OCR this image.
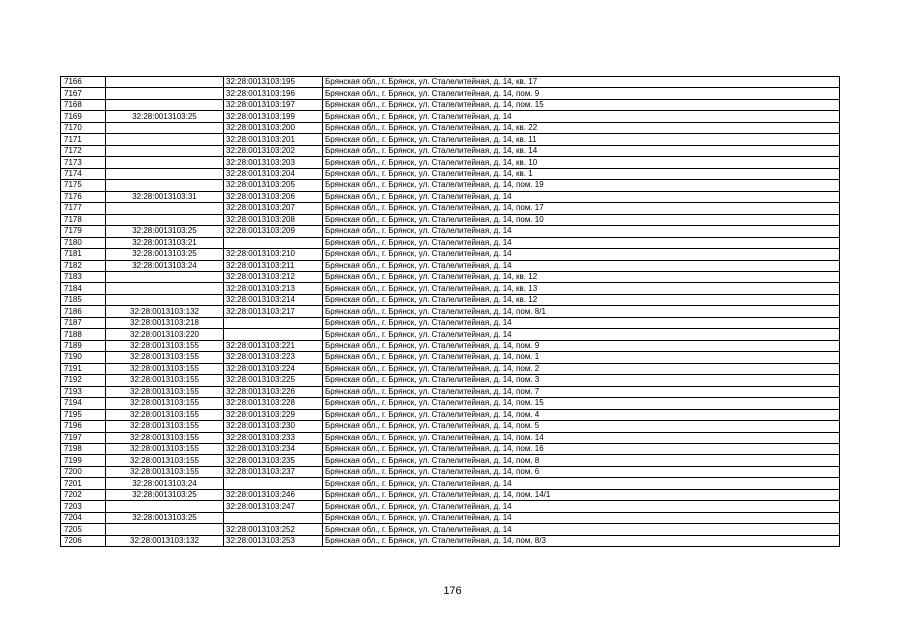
7166		32:28:0013103:195	Брянская обл., г. Брянск, ул. Сталелитейная, д. 14, кв. 17
7167		32:28:0013103:196	Брянская обл., г. Брянск, ул. Сталелитейная, д. 14, пом. 9
7168		32:28:0013103:197	Брянская обл., г. Брянск, ул. Сталелитейная, д. 14, пом. 15
7169	32:28:0013103:25	32:28:0013103:199	Брянская обл., г. Брянск, ул. Сталелитейная, д. 14
7170		32:28:0013103:200	Брянская обл., г. Брянск, ул. Сталелитейная, д. 14, кв. 22
7171		32:28:0013103:201	Брянская обл., г. Брянск, ул. Сталелитейная, д. 14, кв. 11
7172		32:28:0013103:202	Брянская обл., г. Брянск, ул. Сталелитейная, д. 14, кв. 14
7173		32:28:0013103:203	Брянская обл., г. Брянск, ул. Сталелитейная, д. 14, кв. 10
7174		32:28:0013103:204	Брянская обл., г. Брянск, ул. Сталелитейная, д. 14, кв. 1
7175		32:28:0013103:205	Брянская обл., г. Брянск, ул. Сталелитейная, д. 14, пом. 19
7176	32:28:0013103:31	32:28:0013103:206	Брянская обл., г. Брянск, ул. Сталелитейная, д. 14
7177		32:28:0013103:207	Брянская обл., г. Брянск, ул. Сталелитейная, д. 14, пом. 17
7178		32:28:0013103:208	Брянская обл., г. Брянск, ул. Сталелитейная, д. 14, пом. 10
7179	32:28:0013103:25	32:28:0013103:209	Брянская обл., г. Брянск, ул. Сталелитейная, д. 14
7180	32:28:0013103:21		Брянская обл., г. Брянск, ул. Сталелитейная, д. 14
7181	32:28:0013103:25	32:28:0013103:210	Брянская обл., г. Брянск, ул. Сталелитейная, д. 14
7182	32:28:0013103:24	32:28:0013103:211	Брянская обл., г. Брянск, ул. Сталелитейная, д. 14
7183		32:28:0013103:212	Брянская обл., г. Брянск, ул. Сталелитейная, д. 14, кв. 12
7184		32:28:0013103:213	Брянская обл., г. Брянск, ул. Сталелитейная, д. 14, кв. 13
7185		32:28:0013103:214	Брянская обл., г. Брянск, ул. Сталелитейная, д. 14, кв. 12
7186	32:28:0013103:132	32:28:0013103:217	Брянская обл., г. Брянск, ул. Сталелитейная, д. 14, пом. 8/1
7187	32:28:0013103:218		Брянская обл., г. Брянск, ул. Сталелитейная, д. 14
7188	32:28:0013103:220		Брянская обл., г. Брянск, ул. Сталелитейная, д. 14
7189	32:28:0013103:155	32:28:0013103:221	Брянская обл., г. Брянск, ул. Сталелитейная, д. 14, пом. 9
7190	32:28:0013103:155	32:28:0013103:223	Брянская обл., г. Брянск, ул. Сталелитейная, д. 14, пом. 1
7191	32:28:0013103:155	32:28:0013103:224	Брянская обл., г. Брянск, ул. Сталелитейная, д. 14, пом. 2
7192	32:28:0013103:155	32:28:0013103:225	Брянская обл., г. Брянск, ул. Сталелитейная, д. 14, пом. 3
7193	32:28:0013103:155	32:28:0013103:226	Брянская обл., г. Брянск, ул. Сталелитейная, д. 14, пом. 7
7194	32:28:0013103:155	32:28:0013103:228	Брянская обл., г. Брянск, ул. Сталелитейная, д. 14, пом. 15
7195	32:28:0013103:155	32:28:0013103:229	Брянская обл., г. Брянск, ул. Сталелитейная, д. 14, пом. 4
7196	32:28:0013103:155	32:28:0013103:230	Брянская обл., г. Брянск, ул. Сталелитейная, д. 14, пом. 5
7197	32:28:0013103:155	32:28:0013103:233	Брянская обл., г. Брянск, ул. Сталелитейная, д. 14, пом. 14
7198	32:28:0013103:155	32:28:0013103:234	Брянская обл., г. Брянск, ул. Сталелитейная, д. 14, пом. 16
7199	32:28:0013103:155	32:28:0013103:235	Брянская обл., г. Брянск, ул. Сталелитейная, д. 14, пом. 8
7200	32:28:0013103:155	32:28:0013103:237	Брянская обл., г. Брянск, ул. Сталелитейная, д. 14, пом. 6
7201	32:28:0013103:24		Брянская обл., г. Брянск, ул. Сталелитейная, д. 14
7202	32:28:0013103:25	32:28:0013103:246	Брянская обл., г. Брянск, ул. Сталелитейная, д. 14, пом. 14/1
7203		32:28:0013103:247	Брянская обл., г. Брянск, ул. Сталелитейная, д. 14
7204	32:28:0013103:25		Брянская обл., г. Брянск, ул. Сталелитейная, д. 14
7205		32:28:0013103:252	Брянская обл., г. Брянск, ул. Сталелитейная, д. 14
7206	32:28:0013103:132	32:28:0013103:253	Брянская обл., г. Брянск, ул. Сталелитейная, д. 14, пом. 8/3
176
